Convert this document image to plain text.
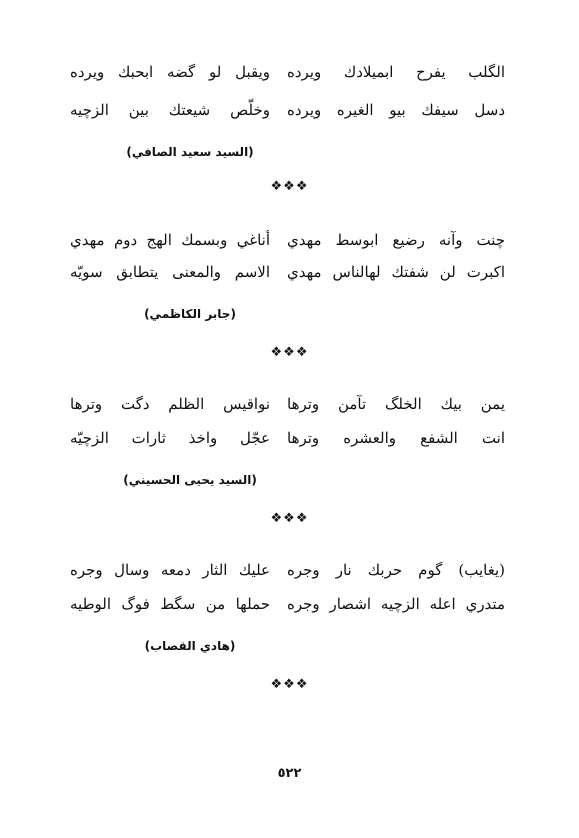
الگلب يفرح ابميلادك ويرده
ويقبل لو گضه ابحبك ويرده
دسل سيفك بيو الغيره ويرده
وخلّص شيعتك بين الزچيه
(السيد سعيد الصافي)
❖❖❖
چنت وآنه رضيع ابوسط مهدي
أناغي وبسمك الهج دوم مهدي
اكبرت لن شفتك لهالناس مهدي
الاسم والمعنى يتطابق سويّه
(جابر الكاظمي)
❖❖❖
يمن بيك الخلگ تآمن وترها
نواقيس الظلم دگت وترها
انت الشفع والعشره وترها
عجّل واخذ ثارات الزچيّه
(السيد يحيى الحسيني)
❖❖❖
(يغايب) گوم حربك نار وجره
عليك الثار دمعه وسال وجره
متدري اعله الزچيه اشصار وجره
حملها من سگط فوگ الوطيه
(هادي القصاب)
❖❖❖
٥٢٢
